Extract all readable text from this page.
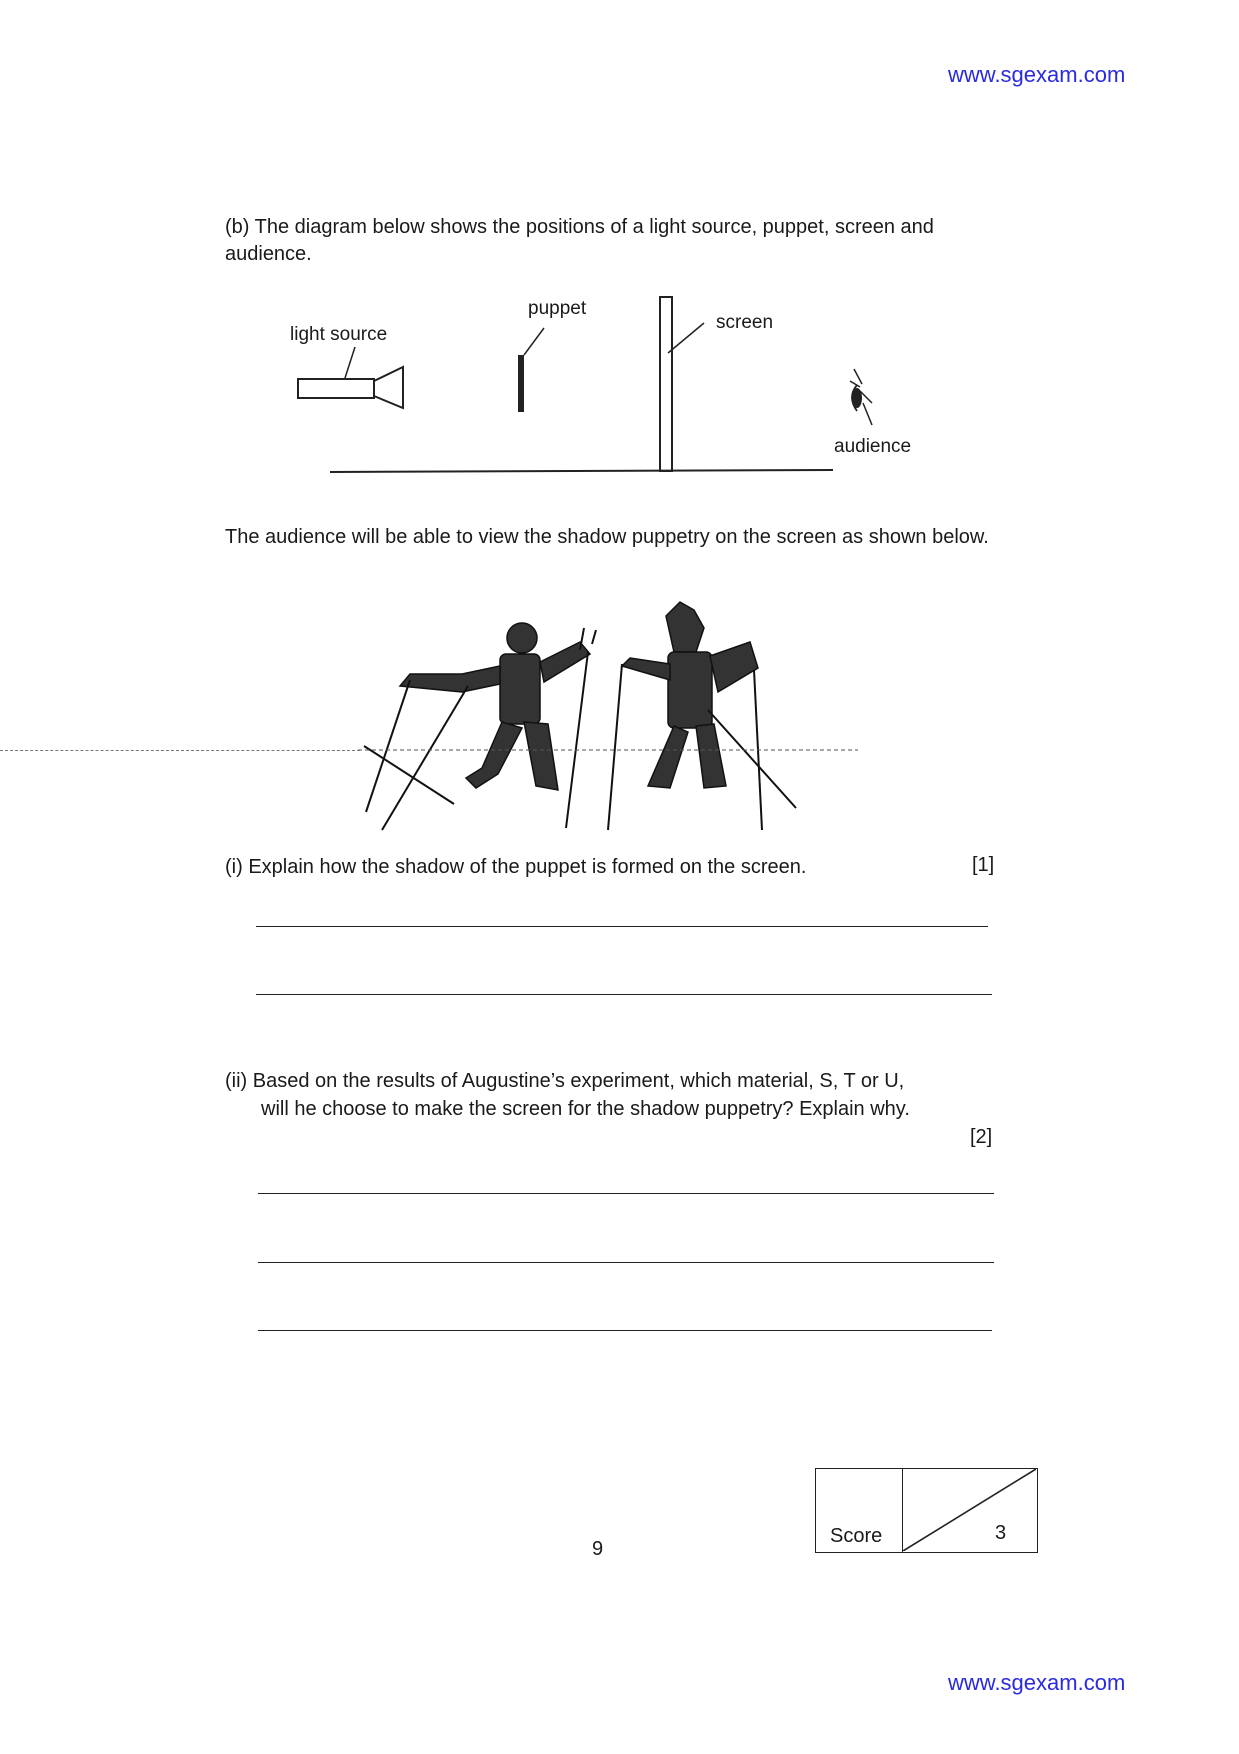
www.sgexam.com
(b) The diagram below shows the positions of a light source, puppet, screen and audience.
light source
puppet
screen
audience
The audience will be able to view the shadow puppetry on the screen as shown below.
(i) Explain how the shadow of the puppet is formed on the screen.	[1]
(ii) Based on the results of Augustine’s experiment, which material, S, T or U,
will he choose to make the screen for the shadow puppetry? Explain why.
[2]
9
Score	3
www.sgexam.com
